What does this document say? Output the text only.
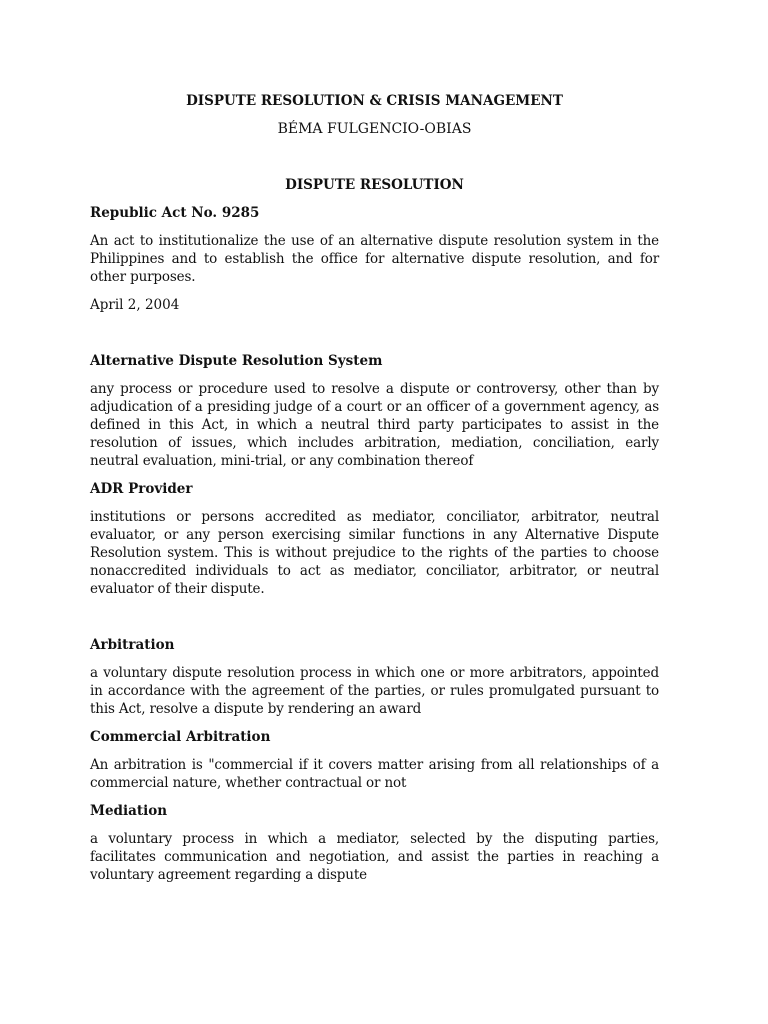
DISPUTE RESOLUTION & CRISIS MANAGEMENT

BÉMA FULGENCIO-OBIAS

DISPUTE RESOLUTION

Republic Act No. 9285

An act to institutionalize the use of an alternative dispute resolution system in the Philippines and to establish the office for alternative dispute resolution, and for other purposes.

April 2, 2004

Alternative Dispute Resolution System

any process or procedure used to resolve a dispute or controversy, other than by adjudication of a presiding judge of a court or an officer of a government agency, as defined in this Act, in which a neutral third party participates to assist in the resolution of issues, which includes arbitration, mediation, conciliation, early neutral evaluation, mini-trial, or any combination thereof

ADR Provider

institutions or persons accredited as mediator, conciliator, arbitrator, neutral evaluator, or any person exercising similar functions in any Alternative Dispute Resolution system. This is without prejudice to the rights of the parties to choose nonaccredited individuals to act as mediator, conciliator, arbitrator, or neutral evaluator of their dispute.

Arbitration

a voluntary dispute resolution process in which one or more arbitrators, appointed in accordance with the agreement of the parties, or rules promulgated pursuant to this Act, resolve a dispute by rendering an award

Commercial Arbitration

An arbitration is "commercial if it covers matter arising from all relationships of a commercial nature, whether contractual or not

Mediation

a voluntary process in which a mediator, selected by the disputing parties, facilitates communication and negotiation, and assist the parties in reaching a voluntary agreement regarding a dispute
